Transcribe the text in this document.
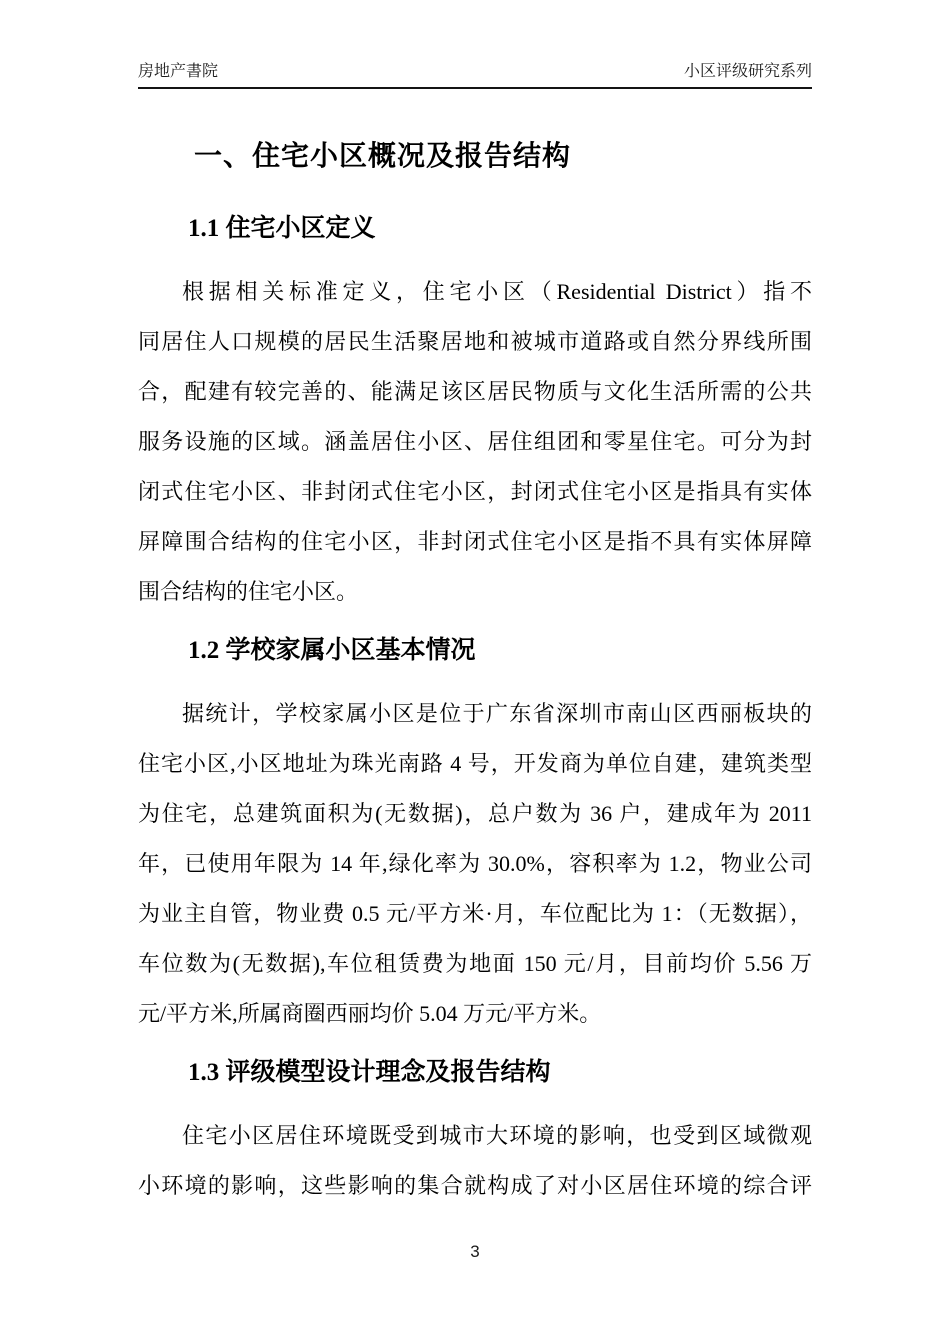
房地产書院	小区评级研究系列
一、住宅小区概况及报告结构
1.1 住宅小区定义
根据相关标准定义，住宅小区（Residential District）指不
同居住人口规模的居民生活聚居地和被城市道路或自然分界线所围
合，配建有较完善的、能满足该区居民物质与文化生活所需的公共
服务设施的区域。涵盖居住小区、居住组团和零星住宅。可分为封
闭式住宅小区、非封闭式住宅小区，封闭式住宅小区是指具有实体
屏障围合结构的住宅小区，非封闭式住宅小区是指不具有实体屏障
围合结构的住宅小区。
1.2 学校家属小区基本情况
据统计，学校家属小区是位于广东省深圳市南山区西丽板块的
住宅小区,小区地址为珠光南路 4 号，开发商为单位自建，建筑类型
为住宅，总建筑面积为(无数据)，总户数为 36 户，建成年为 2011
年，已使用年限为 14 年,绿化率为 30.0%，容积率为 1.2，物业公司
为业主自管，物业费 0.5 元/平方米·月，车位配比为 1：（无数据），
车位数为(无数据),车位租赁费为地面 150 元/月，目前均价 5.56 万
元/平方米,所属商圈西丽均价 5.04 万元/平方米。
1.3 评级模型设计理念及报告结构
住宅小区居住环境既受到城市大环境的影响，也受到区域微观
小环境的影响，这些影响的集合就构成了对小区居住环境的综合评
3
